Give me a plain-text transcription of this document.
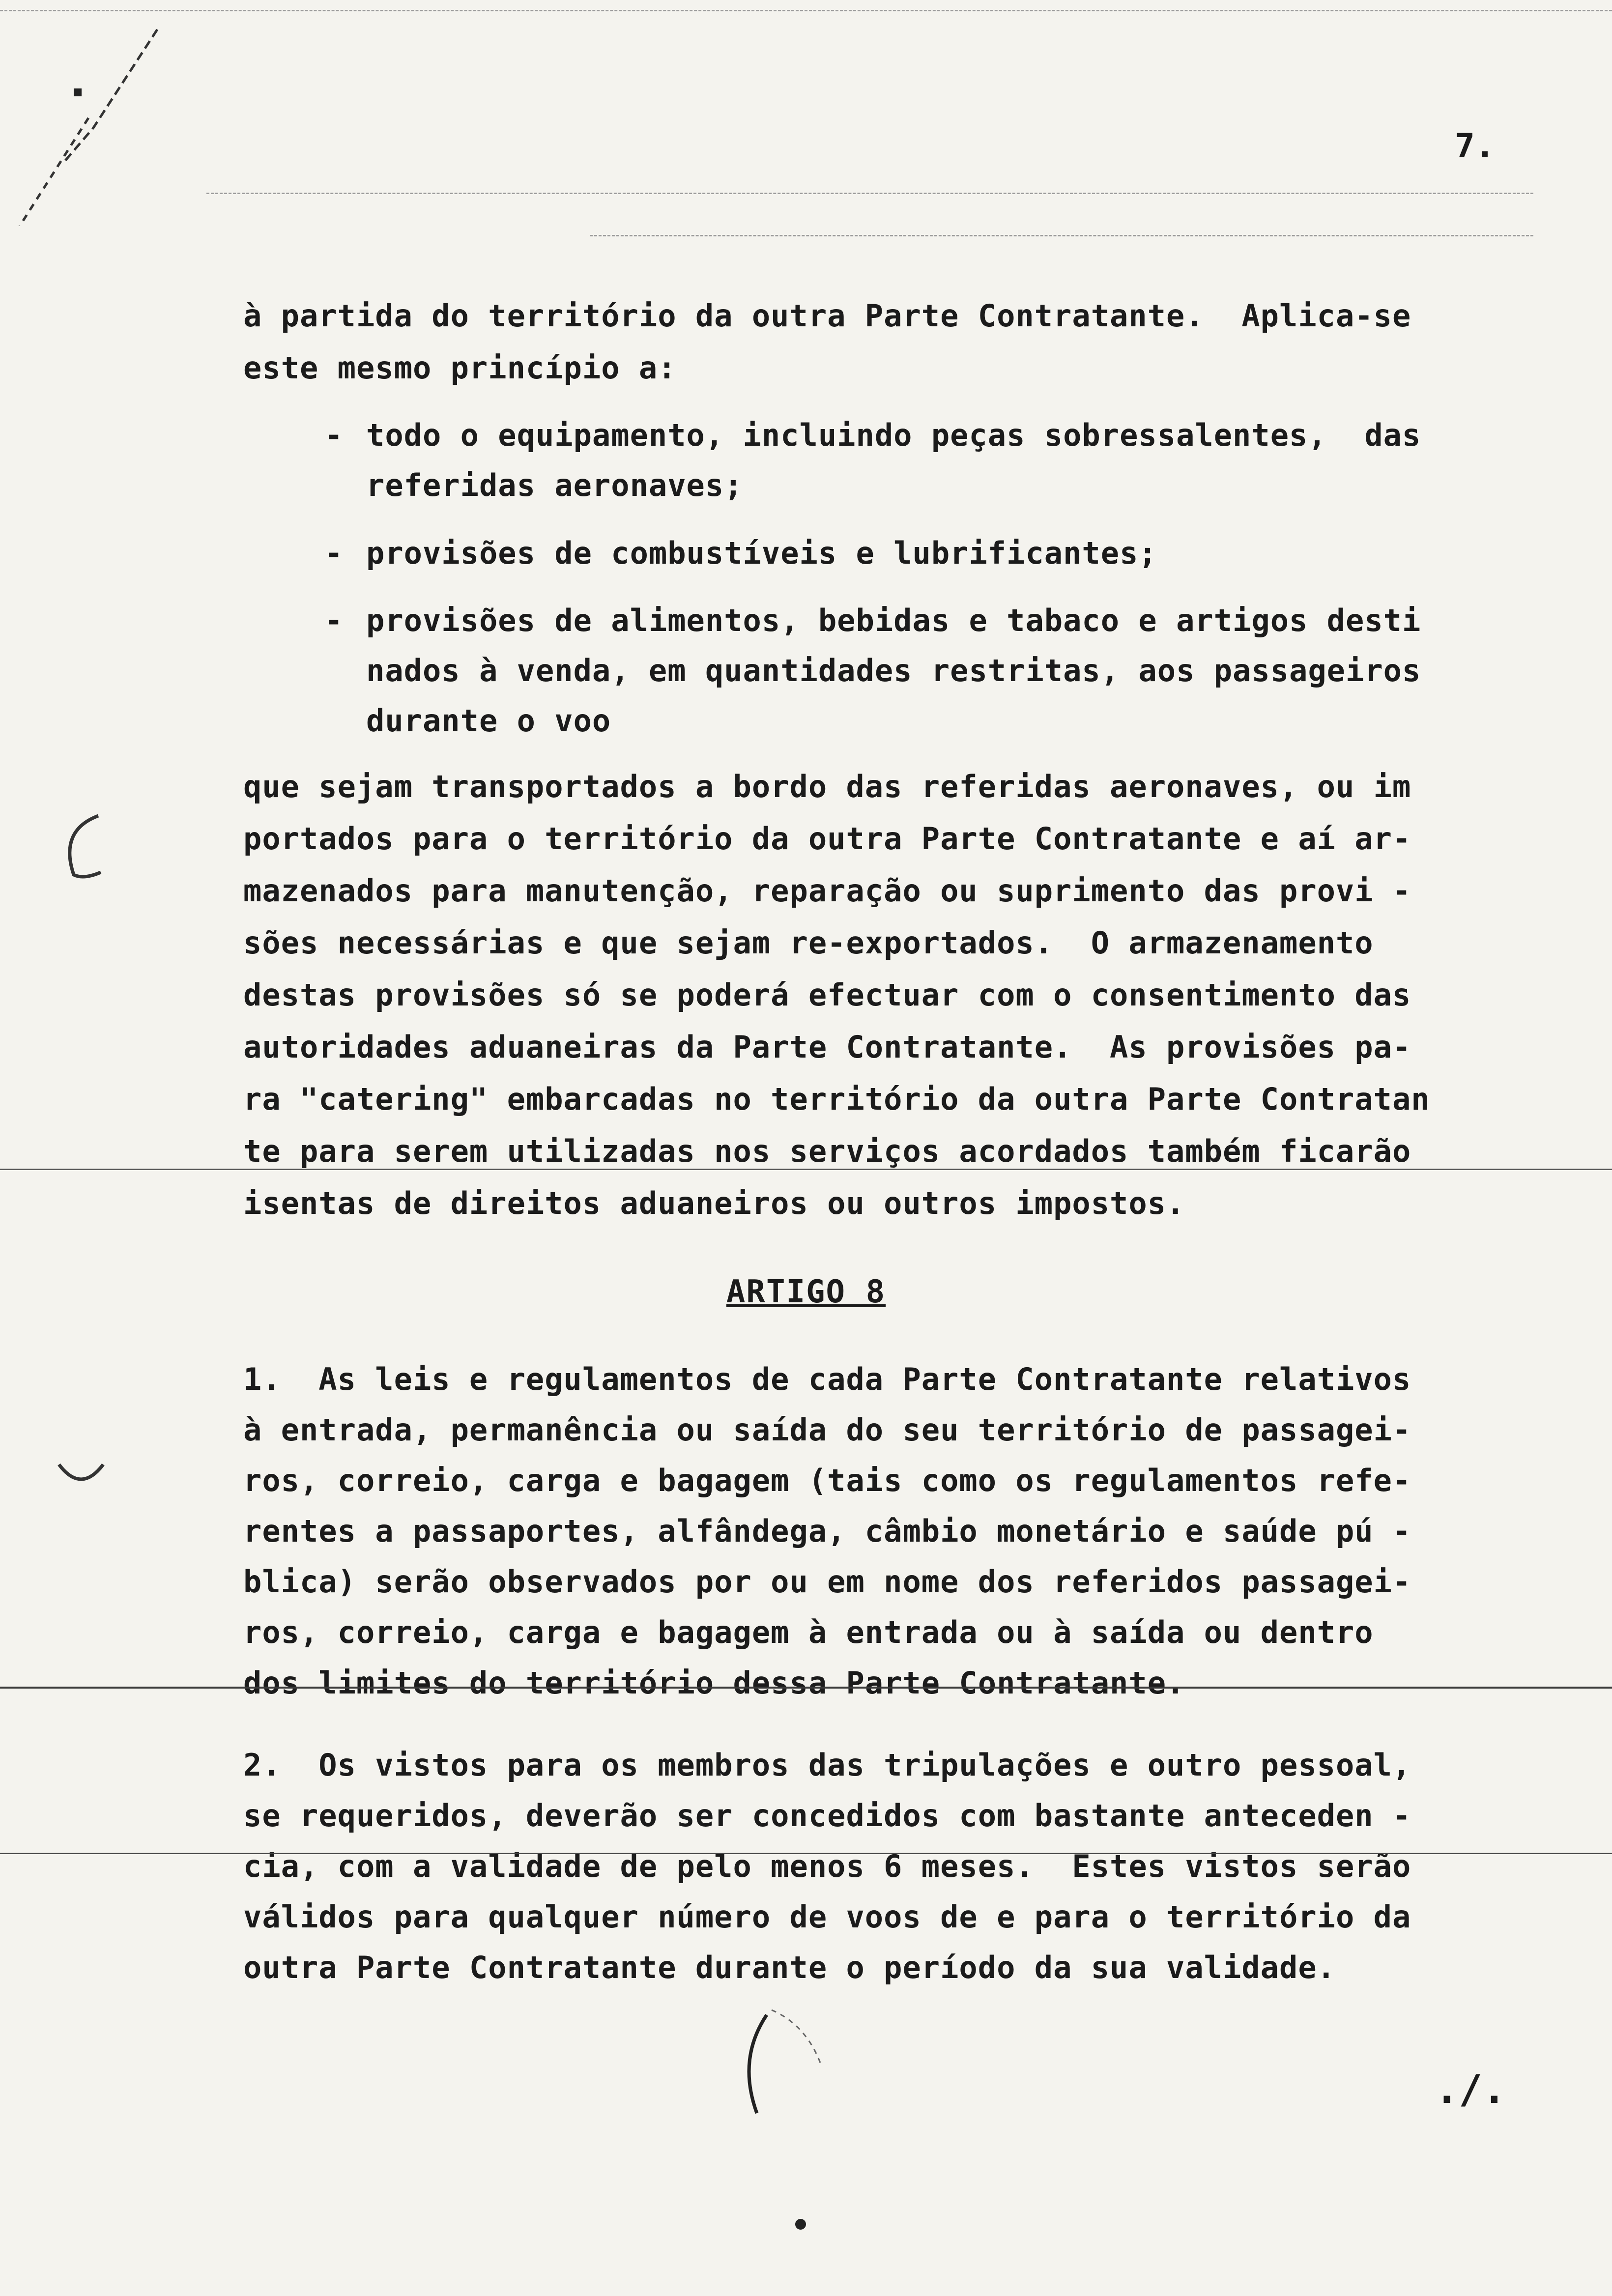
7.
à partida do território da outra Parte Contratante.  Aplica-se
este mesmo princípio a:
- todo o equipamento, incluindo peças sobressalentes,  das
referidas aeronaves;
- provisões de combustíveis e lubrificantes;
- provisões de alimentos, bebidas e tabaco e artigos desti
nados à venda, em quantidades restritas, aos passageiros
durante o voo
que sejam transportados a bordo das referidas aeronaves, ou im
portados para o território da outra Parte Contratante e aí ar-
mazenados para manutenção, reparação ou suprimento das provi -
sões necessárias e que sejam re-exportados.  O armazenamento
destas provisões só se poderá efectuar com o consentimento das
autoridades aduaneiras da Parte Contratante.  As provisões pa-
ra "catering" embarcadas no território da outra Parte Contratan
te para serem utilizadas nos serviços acordados também ficarão
isentas de direitos aduaneiros ou outros impostos.
ARTIGO 8
1.  As leis e regulamentos de cada Parte Contratante relativos
à entrada, permanência ou saída do seu território de passagei-
ros, correio, carga e bagagem (tais como os regulamentos refe-
rentes a passaportes, alfândega, câmbio monetário e saúde pú -
blica) serão observados por ou em nome dos referidos passagei-
ros, correio, carga e bagagem à entrada ou à saída ou dentro
dos limites do território dessa Parte Contratante.
2.  Os vistos para os membros das tripulações e outro pessoal,
se requeridos, deverão ser concedidos com bastante anteceden -
cia, com a validade de pelo menos 6 meses.  Estes vistos serão
válidos para qualquer número de voos de e para o território da
outra Parte Contratante durante o período da sua validade.
./.
